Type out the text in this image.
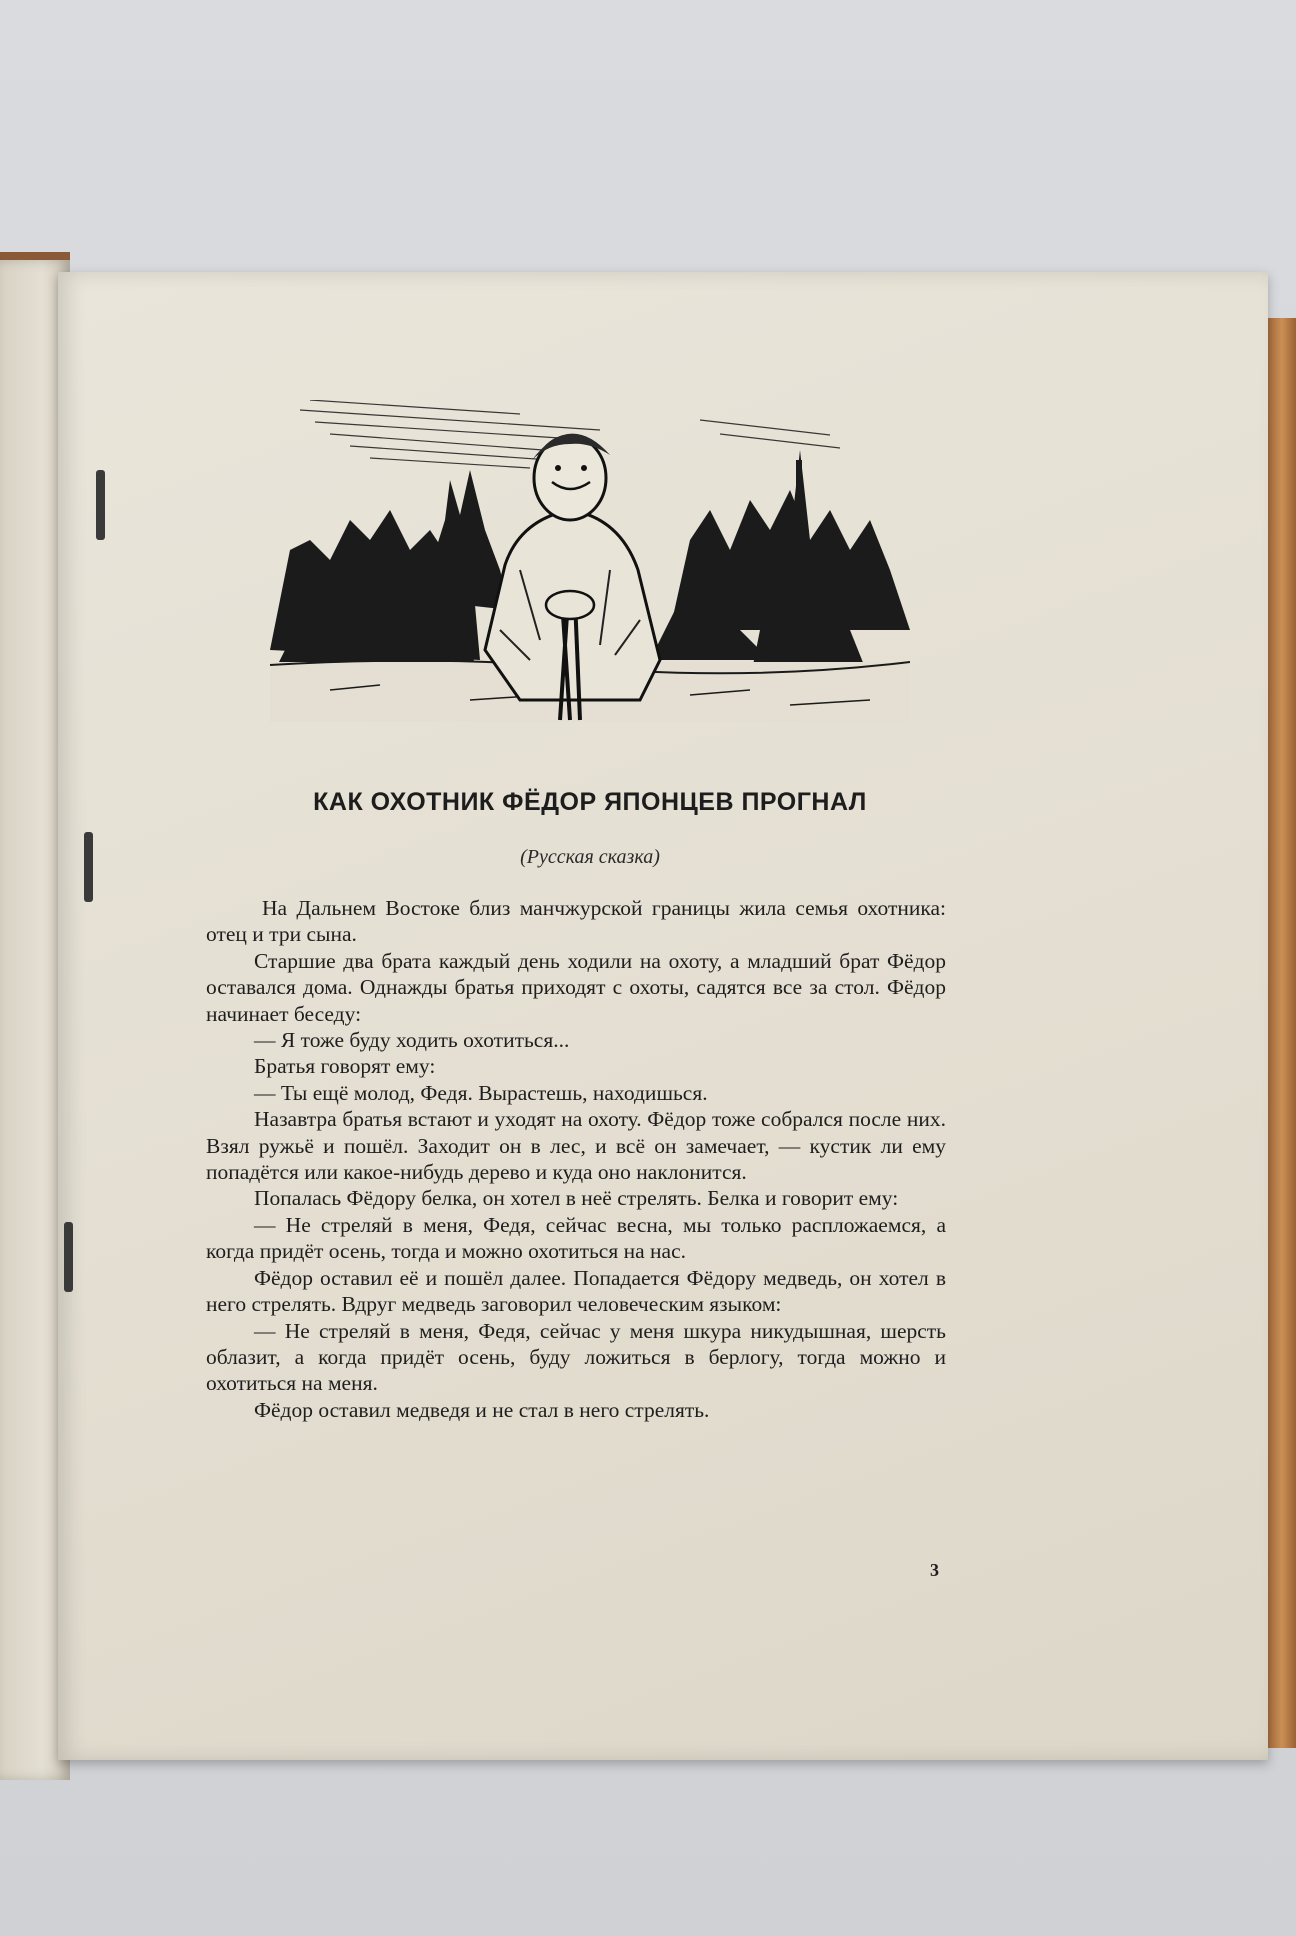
КАК ОХОТНИК ФЁДОР ЯПОНЦЕВ ПРОГНАЛ
(Русская сказка)

На Дальнем Востоке близ манчжурской границы жила семья охотника: отец и три сына.

Старшие два брата каждый день ходили на охоту, а младший брат Фёдор оставался дома. Однажды братья приходят с охоты, садятся все за стол. Фёдор начинает беседу:

— Я тоже буду ходить охотиться...

Братья говорят ему:

— Ты ещё молод, Федя. Вырастешь, находишься.

Назавтра братья встают и уходят на охоту. Фёдор тоже собрался после них. Взял ружьё и пошёл. Заходит он в лес, и всё он замечает, — кустик ли ему попадётся или какое-нибудь дерево и куда оно наклонится.

Попалась Фёдору белка, он хотел в неё стрелять. Белка и говорит ему:

— Не стреляй в меня, Федя, сейчас весна, мы только распложаемся, а когда придёт осень, тогда и можно охотиться на нас.

Фёдор оставил её и пошёл далее. Попадается Фёдору медведь, он хотел в него стрелять. Вдруг медведь заговорил человеческим языком:

— Не стреляй в меня, Федя, сейчас у меня шкура никудышная, шерсть облазит, а когда придёт осень, буду ложиться в берлогу, тогда можно и охотиться на меня.

Фёдор оставил медведя и не стал в него стрелять.

3
